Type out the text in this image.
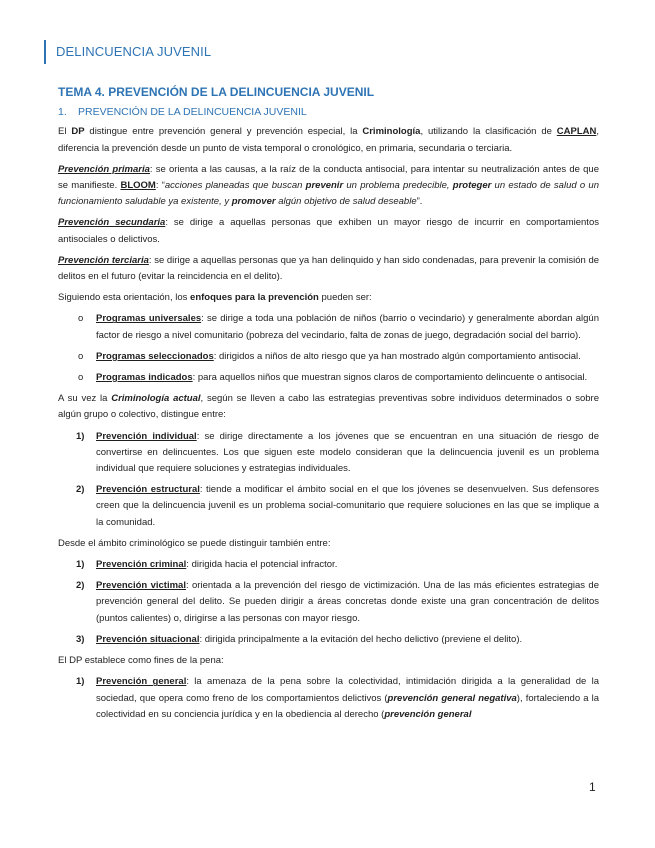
DELINCUENCIA JUVENIL
TEMA 4. PREVENCIÓN DE LA DELINCUENCIA JUVENIL
1. PREVENCIÓN DE LA DELINCUENCIA JUVENIL

El DP distingue entre prevención general y prevención especial, la Criminología, utilizando la clasificación de CAPLAN, diferencia la prevención desde un punto de vista temporal o cronológico, en primaria, secundaria o terciaria.

Prevención primaria: se orienta a las causas, a la raíz de la conducta antisocial, para intentar su neutralización antes de que se manifieste. BLOOM: “acciones planeadas que buscan prevenir un problema predecible, proteger un estado de salud o un funcionamiento saludable ya existente, y promover algún objetivo de salud deseable”.

Prevención secundaria: se dirige a aquellas personas que exhiben un mayor riesgo de incurrir en comportamientos antisociales o delictivos.

Prevención terciaria: se dirige a aquellas personas que ya han delinquido y han sido condenadas, para prevenir la comisión de delitos en el futuro (evitar la reincidencia en el delito).

Siguiendo esta orientación, los enfoques para la prevención pueden ser:

o Programas universales: se dirige a toda una población de niños (barrio o vecindario) y generalmente abordan algún factor de riesgo a nivel comunitario (pobreza del vecindario, falta de zonas de juego, degradación social del barrio).
o Programas seleccionados: dirigidos a niños de alto riesgo que ya han mostrado algún comportamiento antisocial.
o Programas indicados: para aquellos niños que muestran signos claros de comportamiento delincuente o antisocial.

A su vez la Criminología actual, según se lleven a cabo las estrategias preventivas sobre individuos determinados o sobre algún grupo o colectivo, distingue entre:

1) Prevención individual: se dirige directamente a los jóvenes que se encuentran en una situación de riesgo de convertirse en delincuentes. Los que siguen este modelo consideran que la delincuencia juvenil es un problema individual que requiere soluciones y estrategias individuales.
2) Prevención estructural: tiende a modificar el ámbito social en el que los jóvenes se desenvuelven. Sus defensores creen que la delincuencia juvenil es un problema social-comunitario que requiere soluciones en las que se implique a la comunidad.

Desde el ámbito criminológico se puede distinguir también entre:

1) Prevención criminal: dirigida hacia el potencial infractor.
2) Prevención victimal: orientada a la prevención del riesgo de victimización. Una de las más eficientes estrategias de prevención general del delito. Se pueden dirigir a áreas concretas donde existe una gran concentración de delitos (puntos calientes) o, dirigirse a las personas con mayor riesgo.
3) Prevención situacional: dirigida principalmente a la evitación del hecho delictivo (previene el delito).

El DP establece como fines de la pena:

1) Prevención general: la amenaza de la pena sobre la colectividad, intimidación dirigida a la generalidad de la sociedad, que opera como freno de los comportamientos delictivos (prevención general negativa), fortaleciendo a la colectividad en su conciencia jurídica y en la obediencia al derecho (prevención general
1
